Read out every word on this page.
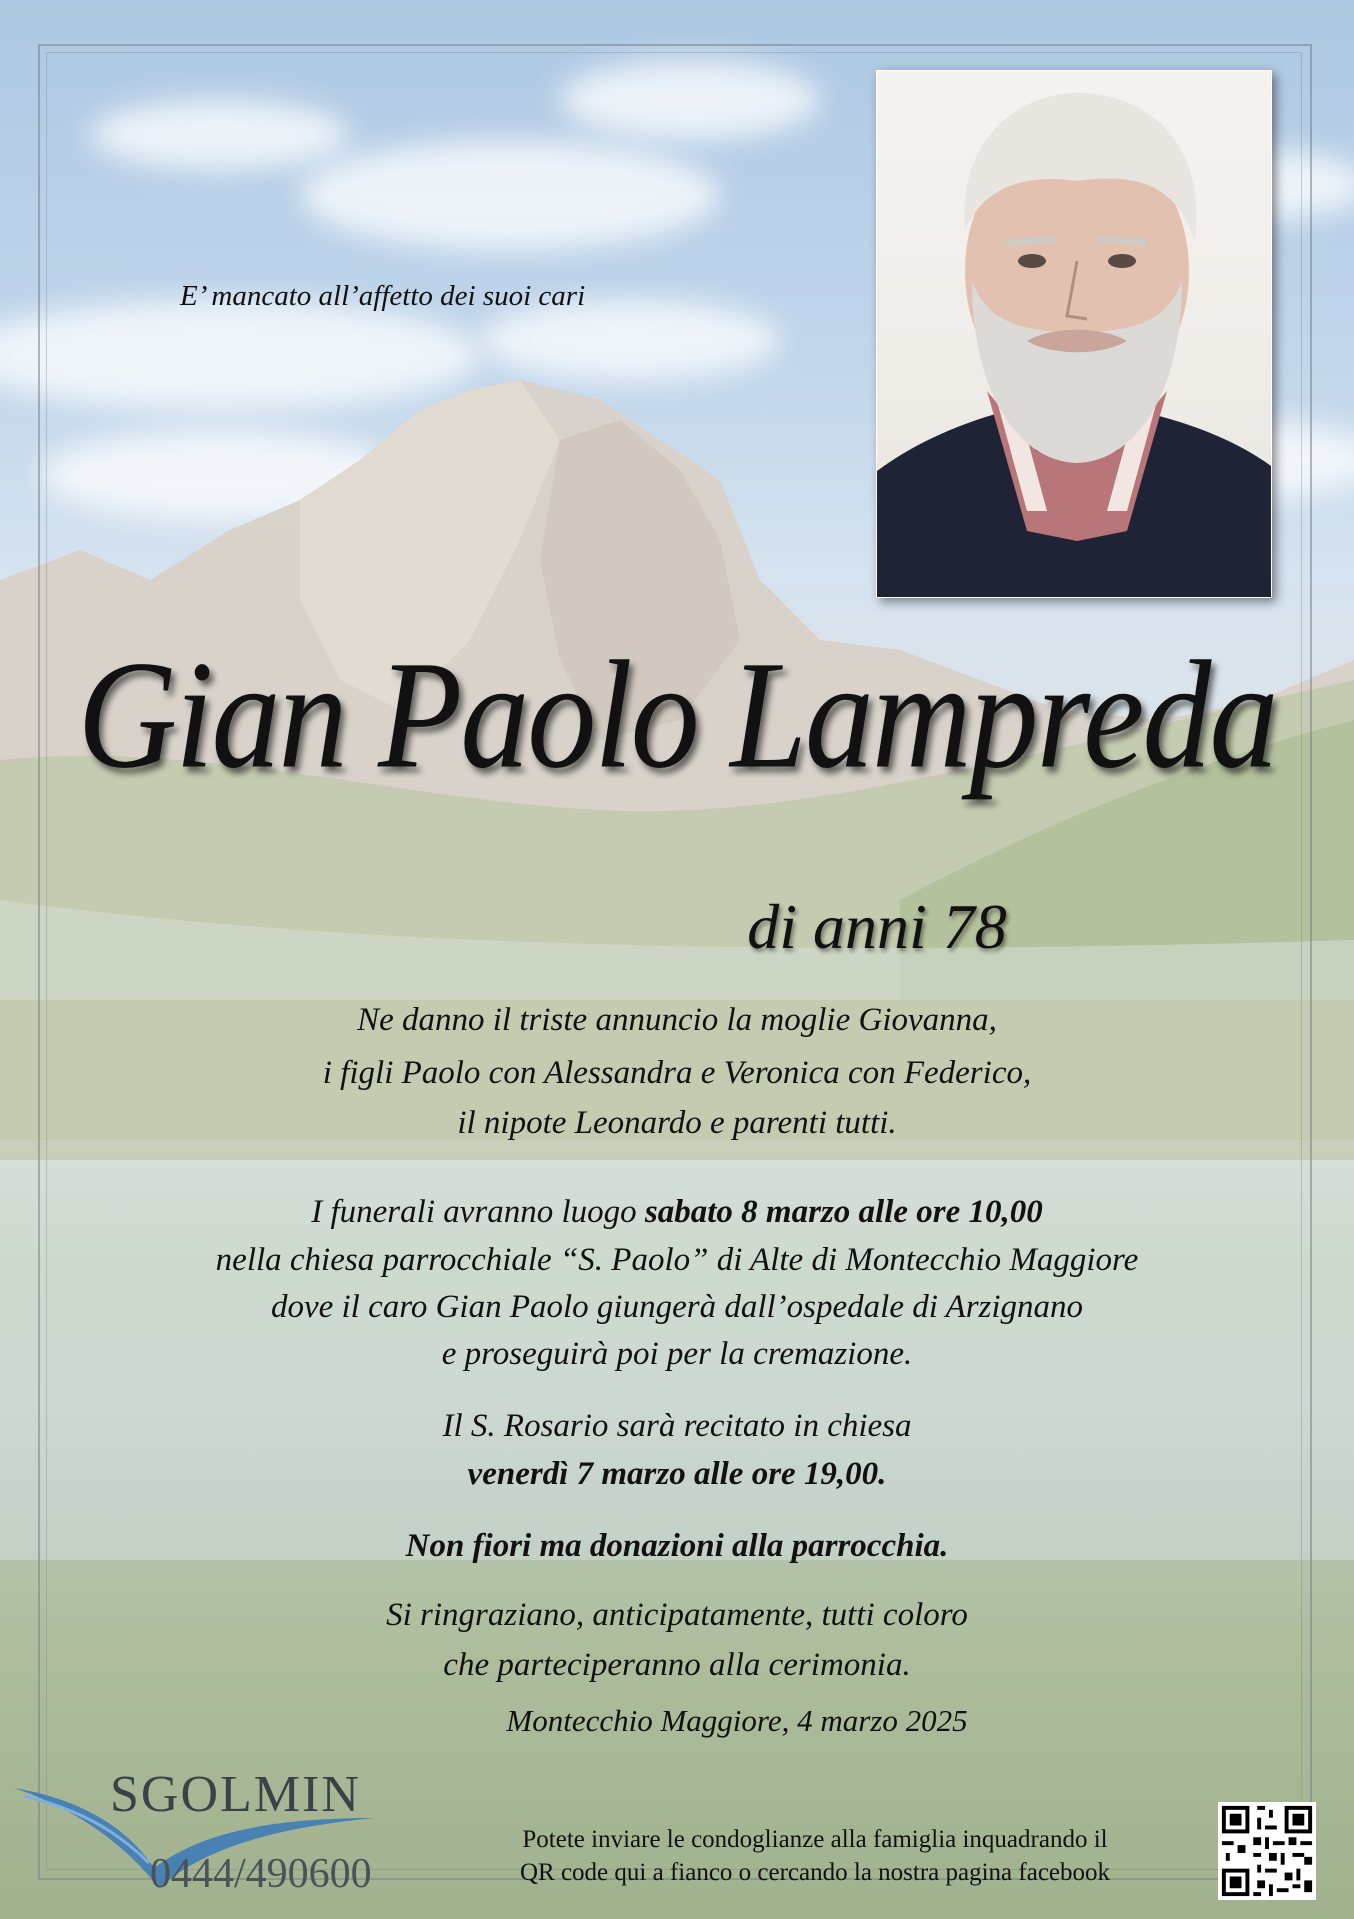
E’ mancato all’affetto dei suoi cari
Gian Paolo Lampreda
di anni 78
Ne danno il triste annuncio la moglie Giovanna,
i figli Paolo con Alessandra e Veronica con Federico,
il nipote Leonardo e parenti tutti.
I funerali avranno luogo sabato 8 marzo alle ore 10,00
nella chiesa parrocchiale “S. Paolo” di Alte di Montecchio Maggiore
dove il caro Gian Paolo giungerà dall’ospedale di Arzignano
e proseguirà poi per la cremazione.
Il S. Rosario sarà recitato in chiesa
venerdì 7 marzo alle ore 19,00.
Non fiori ma donazioni alla parrocchia.
Si ringraziano, anticipatamente, tutti coloro
che parteciperanno alla cerimonia.
Montecchio Maggiore, 4 marzo 2025
SGOLMIN
0444/490600
Potete inviare le condoglianze alla famiglia inquadrando il
QR code qui a fianco o cercando la nostra pagina facebook
